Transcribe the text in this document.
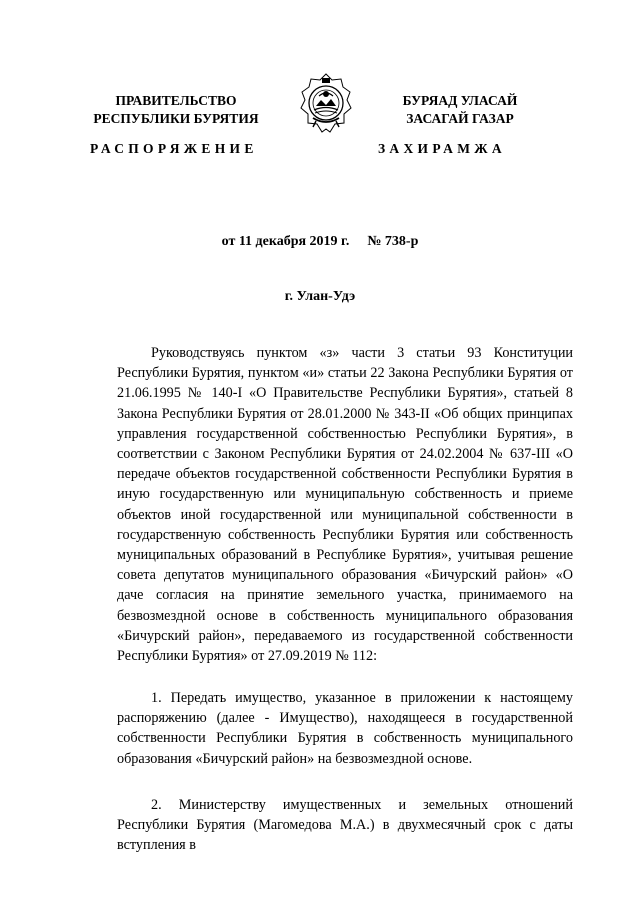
ПРАВИТЕЛЬСТВО
РЕСПУБЛИКИ БУРЯТИЯ
БУРЯАД УЛАСАЙ
ЗАСАГАЙ ГАЗАР
РАСПОРЯЖЕНИЕ	ЗАХИРАМЖА
от 11 декабря 2019 г. № 738-р
г. Улан-Удэ

Руководствуясь пунктом «з» части 3 статьи 93 Конституции Республики Бурятия, пунктом «и» статьи 22 Закона Республики Бурятия от 21.06.1995 № 140-I «О Правительстве Республики Бурятия», статьей 8 Закона Республики Бурятия от 28.01.2000 № 343-II «Об общих принципах управления государственной собственностью Республики Бурятия», в соответствии с Законом Республики Бурятия от 24.02.2004 № 637-III «О передаче объектов государственной собственности Республики Бурятия в иную государственную или муниципальную собственность и приеме объектов иной государственной или муниципальной собственности в государственную собственность Республики Бурятия или собственность муниципальных образований в Республике Бурятия», учитывая решение совета депутатов муниципального образования «Бичурский район» «О даче согласия на принятие земельного участка, принимаемого на безвозмездной основе в собственность муниципального образования «Бичурский район», передаваемого из государственной собственности Республики Бурятия» от 27.09.2019 № 112:

1. Передать имущество, указанное в приложении к настоящему распоряжению (далее - Имущество), находящееся в государственной собственности Республики Бурятия в собственность муниципального образования «Бичурский район» на безвозмездной основе.

2. Министерству имущественных и земельных отношений Республики Бурятия (Магомедова М.А.) в двухмесячный срок с даты вступления в
